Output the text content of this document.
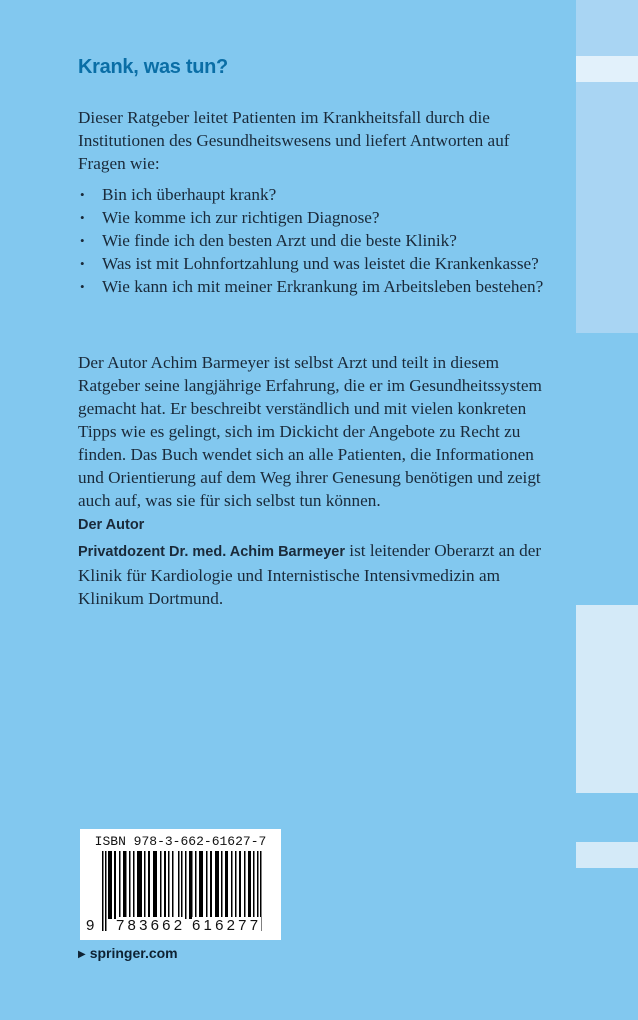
Krank, was tun?

Dieser Ratgeber leitet Patienten im Krankheitsfall durch die Institutionen des Gesundheitswesens und liefert Antworten auf Fragen wie:

• Bin ich überhaupt krank?
• Wie komme ich zur richtigen Diagnose?
• Wie finde ich den besten Arzt und die beste Klinik?
• Was ist mit Lohnfortzahlung und was leistet die Krankenkasse?
• Wie kann ich mit meiner Erkrankung im Arbeitsleben bestehen?

Der Autor Achim Barmeyer ist selbst Arzt und teilt in diesem Ratgeber seine langjährige Erfahrung, die er im Gesundheitssystem gemacht hat. Er beschreibt verständlich und mit vielen konkreten Tipps wie es gelingt, sich im Dickicht der Angebote zu Recht zu finden. Das Buch wendet sich an alle Patienten, die Informationen und Orientierung auf dem Weg ihrer Genesung benötigen und zeigt auch auf, was sie für sich selbst tun können.

Der Autor

Privatdozent Dr. med. Achim Barmeyer ist leitender Oberarzt an der Klinik für Kardiologie und Internistische Intensivmedizin am Klinikum Dortmund.

ISBN 978-3-662-61627-7
9 783662 616277
▶ springer.com
